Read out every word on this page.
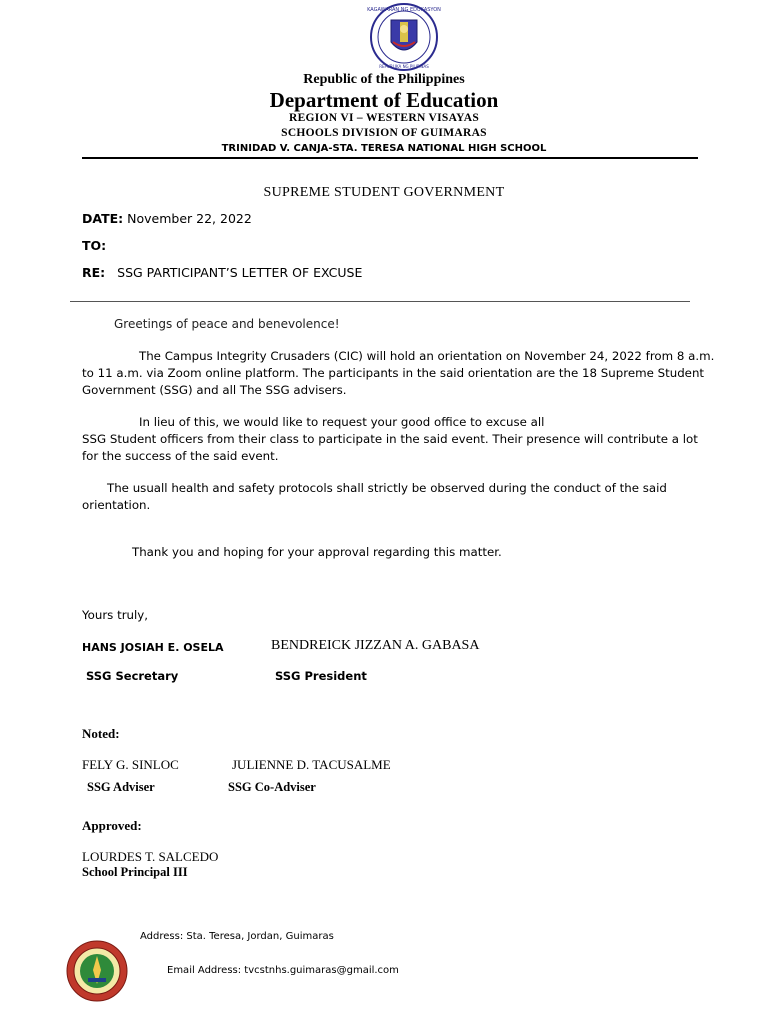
KAGAWARAN NG EDUKASYON
REPUBLIKA NG PILIPINAS
Republic of the Philippines
Department of Education
REGION VI – WESTERN VISAYAS
SCHOOLS DIVISION OF GUIMARAS
TRINIDAD V. CANJA-STA. TERESA NATIONAL HIGH SCHOOL
SUPREME STUDENT GOVERNMENT
DATE: November 22, 2022
TO:
RE: SSG PARTICIPANT’S LETTER OF EXCUSE
Greetings of peace and benevolence!
The Campus Integrity Crusaders (CIC) will hold an orientation on November 24, 2022 from 8 a.m.
to 11 a.m. via Zoom online platform. The participants in the said orientation are the 18 Supreme Student
Government (SSG) and all The SSG advisers.
In lieu of this, we would like to request your good office to excuse all
SSG Student officers from their class to participate in the said event. Their presence will contribute a lot
for the success of the said event.
The usuall health and safety protocols shall strictly be observed during the conduct of the said
orientation.
Thank you and hoping for your approval regarding this matter.
Yours truly,
HANS JOSIAH E. OSELA	BENDREICK JIZZAN A. GABASA
SSG Secretary	SSG President
Noted:
FELY G. SINLOC	JULIENNE D. TACUSALME
SSG Adviser	SSG Co-Adviser
Approved:
LOURDES T. SALCEDO
School Principal III
Address: Sta. Teresa, Jordan, Guimaras
Email Address: tvcstnhs.guimaras@gmail.com
